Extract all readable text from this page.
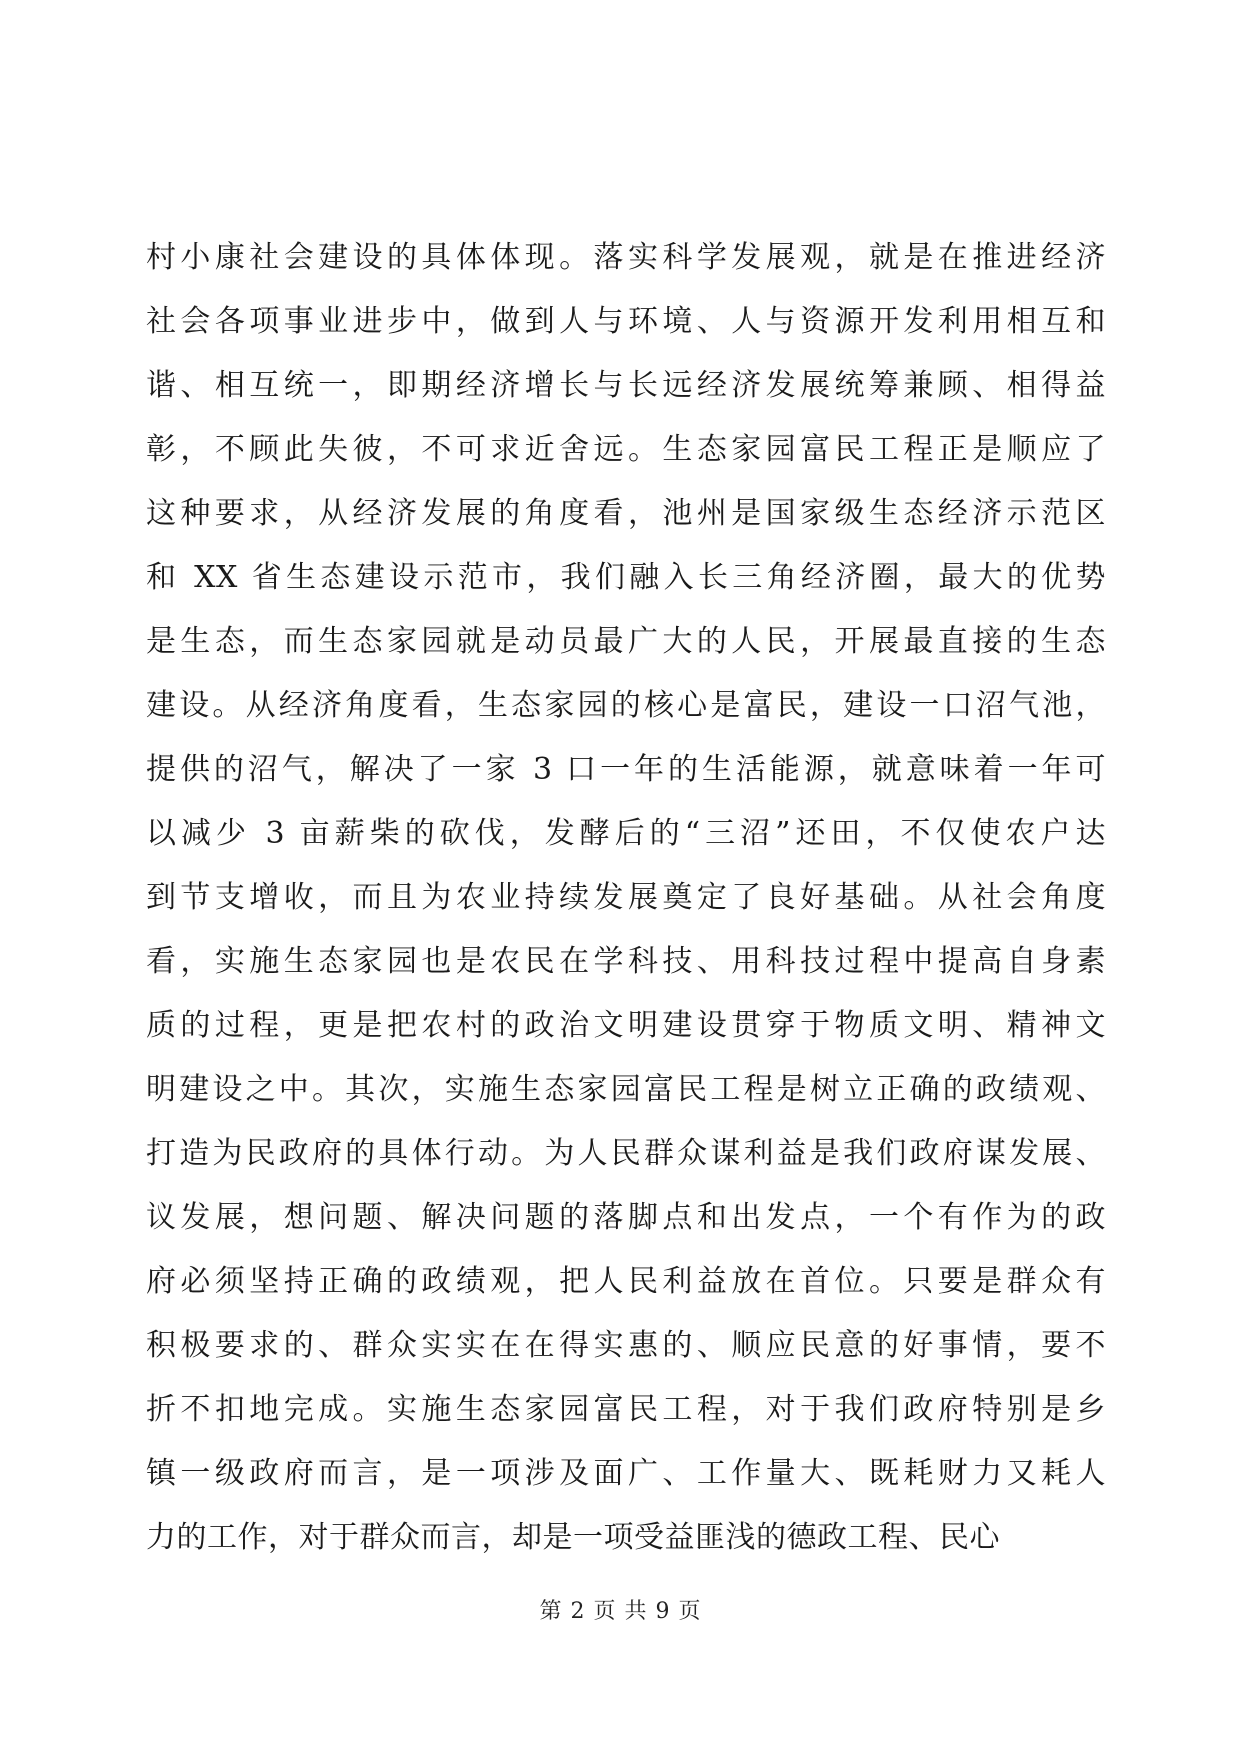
村小康社会建设的具体体现。落实科学发展观，就是在推进经济
社会各项事业进步中，做到人与环境、人与资源开发利用相互和
谐、相互统一，即期经济增长与长远经济发展统筹兼顾、相得益
彰，不顾此失彼，不可求近舍远。生态家园富民工程正是顺应了
这种要求，从经济发展的角度看，池州是国家级生态经济示范区
和 XX 省生态建设示范市，我们融入长三角经济圈，最大的优势
是生态，而生态家园就是动员最广大的人民，开展最直接的生态
建设。从经济角度看，生态家园的核心是富民，建设一口沼气池，
提供的沼气，解决了一家 3 口一年的生活能源，就意味着一年可
以减少 3 亩薪柴的砍伐，发酵后的“三沼”还田，不仅使农户达
到节支增收，而且为农业持续发展奠定了良好基础。从社会角度
看，实施生态家园也是农民在学科技、用科技过程中提高自身素
质的过程，更是把农村的政治文明建设贯穿于物质文明、精神文
明建设之中。其次，实施生态家园富民工程是树立正确的政绩观、
打造为民政府的具体行动。为人民群众谋利益是我们政府谋发展、
议发展，想问题、解决问题的落脚点和出发点，一个有作为的政
府必须坚持正确的政绩观，把人民利益放在首位。只要是群众有
积极要求的、群众实实在在得实惠的、顺应民意的好事情，要不
折不扣地完成。实施生态家园富民工程，对于我们政府特别是乡
镇一级政府而言，是一项涉及面广、工作量大、既耗财力又耗人
力的工作，对于群众而言，却是一项受益匪浅的德政工程、民心
第 2 页 共 9 页
